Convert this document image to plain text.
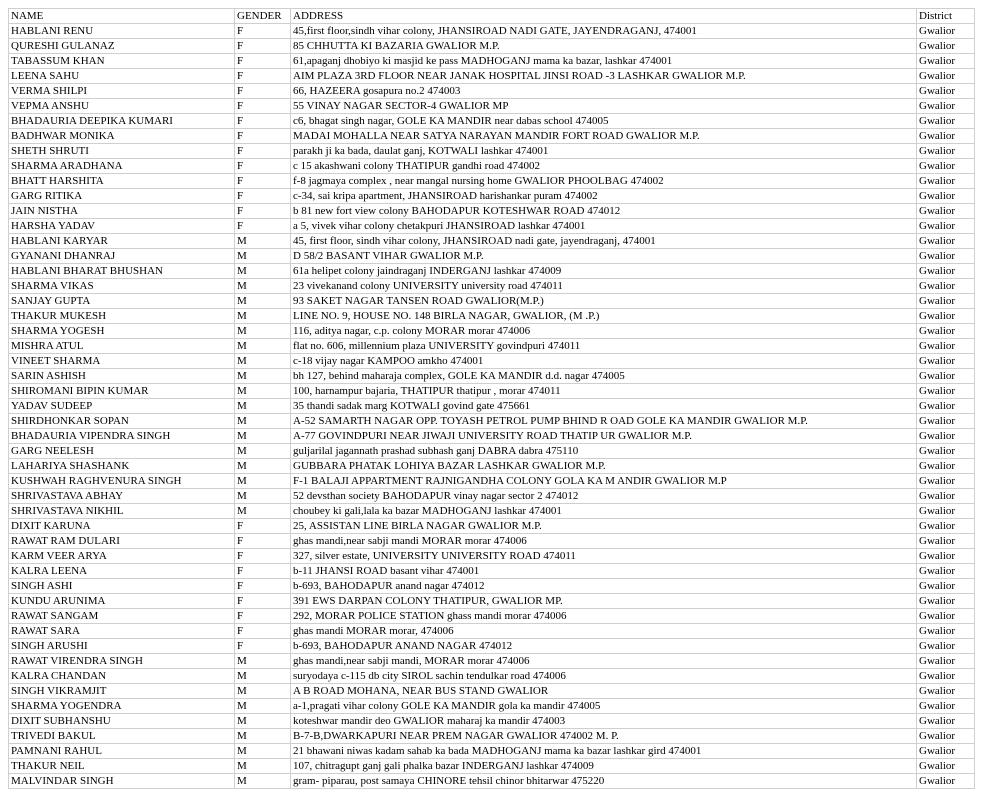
NAME	GENDER	ADDRESS	District
HABLANI RENU	F	45,first floor,sindh vihar colony, JHANSIROAD NADI GATE, JAYENDRAGANJ, 474001	Gwalior
QURESHI GULANAZ	F	85 CHHUTTA KI BAZARIA GWALIOR M.P.	Gwalior
TABASSUM KHAN	F	61,apaganj dhobiyo ki masjid ke pass MADHOGANJ mama ka bazar, lashkar 474001	Gwalior
LEENA SAHU	F	AIM PLAZA 3RD FLOOR NEAR JANAK HOSPITAL JINSI ROAD -3 LASHKAR GWALIOR M.P.	Gwalior
VERMA SHILPI	F	66, HAZEERA gosapura no.2 474003	Gwalior
VEPMA ANSHU	F	55 VINAY NAGAR SECTOR-4 GWALIOR MP	Gwalior
BHADAURIA DEEPIKA KUMARI	F	c6, bhagat singh nagar, GOLE KA MANDIR near dabas school 474005	Gwalior
BADHWAR MONIKA	F	MADAI MOHALLA NEAR SATYA NARAYAN MANDIR FORT ROAD GWALIOR M.P.	Gwalior
SHETH SHRUTI	F	parakh ji ka bada, daulat ganj, KOTWALI lashkar 474001	Gwalior
SHARMA ARADHANA	F	c 15 akashwani colony THATIPUR gandhi road 474002	Gwalior
BHATT HARSHITA	F	f-8 jagmaya complex , near mangal nursing home GWALIOR PHOOLBAG 474002	Gwalior
GARG RITIKA	F	c-34, sai kripa apartment, JHANSIROAD harishankar puram 474002	Gwalior
JAIN NISTHA	F	b 81 new fort view colony BAHODAPUR KOTESHWAR ROAD 474012	Gwalior
HARSHA YADAV	F	a 5, vivek vihar colony chetakpuri JHANSIROAD lashkar 474001	Gwalior
HABLANI KARYAR	M	45, first floor, sindh vihar colony, JHANSIROAD nadi gate, jayendraganj, 474001	Gwalior
GYANANI DHANRAJ	M	D 58/2 BASANT VIHAR GWALIOR M.P.	Gwalior
HABLANI BHARAT BHUSHAN	M	61a helipet colony jaindraganj INDERGANJ lashkar 474009	Gwalior
SHARMA VIKAS	M	23 vivekanand colony UNIVERSITY university road 474011	Gwalior
SANJAY GUPTA	M	93 SAKET NAGAR TANSEN ROAD GWALIOR(M.P.)	Gwalior
THAKUR MUKESH	M	LINE NO. 9, HOUSE NO. 148 BIRLA NAGAR, GWALIOR, (M .P.)	Gwalior
SHARMA YOGESH	M	116, aditya nagar, c.p. colony MORAR morar 474006	Gwalior
MISHRA ATUL	M	flat no. 606, millennium plaza UNIVERSITY govindpuri 474011	Gwalior
VINEET SHARMA	M	c-18 vijay nagar KAMPOO amkho 474001	Gwalior
SARIN ASHISH	M	bh 127, behind maharaja complex, GOLE KA MANDIR d.d. nagar 474005	Gwalior
SHIROMANI BIPIN KUMAR	M	100, harnampur bajaria, THATIPUR thatipur , morar 474011	Gwalior
YADAV SUDEEP	M	35 thandi sadak marg KOTWALI govind gate 475661	Gwalior
SHIRDHONKAR SOPAN	M	A-52 SAMARTH NAGAR OPP. TOYASH PETROL PUMP BHIND R OAD GOLE KA MANDIR GWALIOR M.P.	Gwalior
BHADAURIA VIPENDRA SINGH	M	A-77 GOVINDPURI NEAR JIWAJI UNIVERSITY ROAD THATIP UR GWALIOR M.P.	Gwalior
GARG NEELESH	M	guljarilal jagannath prashad subhash ganj DABRA dabra 475110	Gwalior
LAHARIYA SHASHANK	M	GUBBARA PHATAK LOHIYA BAZAR LASHKAR GWALIOR M.P.	Gwalior
KUSHWAH RAGHVENURA SINGH	M	F-1 BALAJI APPARTMENT RAJNIGANDHA COLONY GOLA KA M ANDIR GWALIOR M.P	Gwalior
SHRIVASTAVA ABHAY	M	52 devsthan society BAHODAPUR vinay nagar sector 2 474012	Gwalior
SHRIVASTAVA NIKHIL	M	choubey ki gali,lala ka bazar MADHOGANJ lashkar 474001	Gwalior
DIXIT KARUNA	F	25, ASSISTAN LINE BIRLA NAGAR GWALIOR M.P.	Gwalior
RAWAT RAM DULARI	F	ghas mandi,near sabji mandi MORAR morar 474006	Gwalior
KARM VEER ARYA	F	327, silver estate, UNIVERSITY UNIVERSITY ROAD 474011	Gwalior
KALRA LEENA	F	b-11 JHANSI ROAD basant vihar 474001	Gwalior
SINGH ASHI	F	b-693, BAHODAPUR anand nagar 474012	Gwalior
KUNDU ARUNIMA	F	391 EWS DARPAN COLONY THATIPUR, GWALIOR MP.	Gwalior
RAWAT SANGAM	F	292, MORAR POLICE STATION ghass mandi morar 474006	Gwalior
RAWAT SARA	F	ghas mandi MORAR morar, 474006	Gwalior
SINGH ARUSHI	F	b-693, BAHODAPUR ANAND NAGAR 474012	Gwalior
RAWAT VIRENDRA SINGH	M	ghas mandi,near sabji mandi, MORAR morar 474006	Gwalior
KALRA CHANDAN	M	suryodaya c-115 db city SIROL sachin tendulkar road 474006	Gwalior
SINGH VIKRAMJIT	M	A B ROAD MOHANA, NEAR BUS STAND GWALIOR	Gwalior
SHARMA YOGENDRA	M	a-1,pragati vihar colony GOLE KA MANDIR gola ka mandir 474005	Gwalior
DIXIT SUBHANSHU	M	koteshwar mandir deo GWALIOR maharaj ka mandir 474003	Gwalior
TRIVEDI BAKUL	M	B-7-B,DWARKAPURI NEAR PREM NAGAR GWALIOR 474002 M. P.	Gwalior
PAMNANI RAHUL	M	21 bhawani niwas kadam sahab ka bada MADHOGANJ mama ka bazar lashkar gird 474001	Gwalior
THAKUR NEIL	M	107, chitragupt ganj gali phalka bazar INDERGANJ lashkar 474009	Gwalior
MALVINDAR SINGH	M	gram- piparau, post samaya CHINORE tehsil chinor bhitarwar 475220	Gwalior
